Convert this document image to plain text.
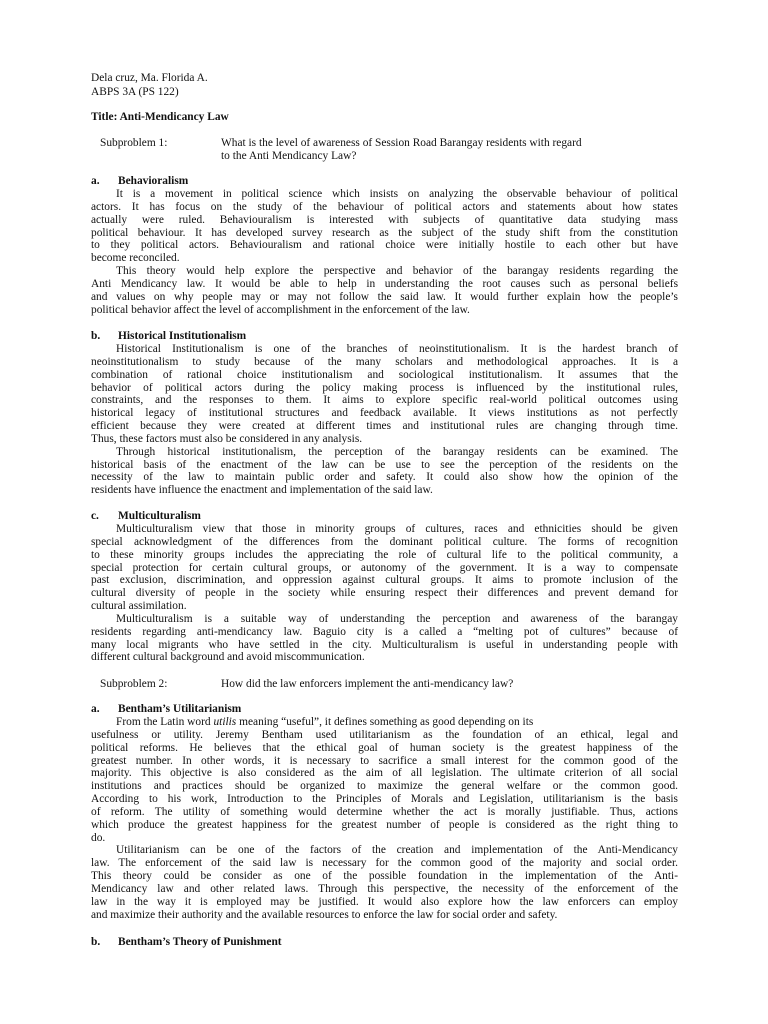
Dela cruz, Ma. Florida A.
ABPS 3A (PS 122)
Title: Anti-Mendicancy Law
Subproblem 1:	What is the level of awareness of Session Road Barangay residents with regard
to the Anti Mendicancy Law?
a. Behavioralism
It is a movement in political science which insists on analyzing the observable behaviour of political
actors. It has focus on the study of the behaviour of political actors and statements about how states
actually were ruled. Behaviouralism is interested with subjects of quantitative data studying mass
political behaviour. It has developed survey research as the subject of the study shift from the constitution
to they political actors. Behaviouralism and rational choice were initially hostile to each other but have
become reconciled.
This theory would help explore the perspective and behavior of the barangay residents regarding the
Anti Mendicancy law. It would be able to help in understanding the root causes such as personal beliefs
and values on why people may or may not follow the said law. It would further explain how the people’s
political behavior affect the level of accomplishment in the enforcement of the law.
b. Historical Institutionalism
Historical Institutionalism is one of the branches of neoinstitutionalism. It is the hardest branch of
neoinstitutionalism to study because of the many scholars and methodological approaches. It is a
combination of rational choice institutionalism and sociological institutionalism. It assumes that the
behavior of political actors during the policy making process is influenced by the institutional rules,
constraints, and the responses to them. It aims to explore specific real-world political outcomes using
historical legacy of institutional structures and feedback available. It views institutions as not perfectly
efficient because they were created at different times and institutional rules are changing through time.
Thus, these factors must also be considered in any analysis.
Through historical institutionalism, the perception of the barangay residents can be examined. The
historical basis of the enactment of the law can be use to see the perception of the residents on the
necessity of the law to maintain public order and safety. It could also show how the opinion of the
residents have influence the enactment and implementation of the said law.
c. Multiculturalism
Multiculturalism view that those in minority groups of cultures, races and ethnicities should be given
special acknowledgment of the differences from the dominant political culture. The forms of recognition
to these minority groups includes the appreciating the role of cultural life to the political community, a
special protection for certain cultural groups, or autonomy of the government. It is a way to compensate
past exclusion, discrimination, and oppression against cultural groups. It aims to promote inclusion of the
cultural diversity of people in the society while ensuring respect their differences and prevent demand for
cultural assimilation.
Multiculturalism is a suitable way of understanding the perception and awareness of the barangay
residents regarding anti-mendicancy law. Baguio city is a called a “melting pot of cultures” because of
many local migrants who have settled in the city. Multiculturalism is useful in understanding people with
different cultural background and avoid miscommunication.
Subproblem 2:	How did the law enforcers implement the anti-mendicancy law?
a. Bentham’s Utilitarianism
From the Latin word utilis meaning “useful”, it defines something as good depending on its
usefulness or utility. Jeremy Bentham used utilitarianism as the foundation of an ethical, legal and
political reforms. He believes that the ethical goal of human society is the greatest happiness of the
greatest number. In other words, it is necessary to sacrifice a small interest for the common good of the
majority. This objective is also considered as the aim of all legislation. The ultimate criterion of all social
institutions and practices should be organized to maximize the general welfare or the common good.
According to his work, Introduction to the Principles of Morals and Legislation, utilitarianism is the basis
of reform. The utility of something would determine whether the act is morally justifiable. Thus, actions
which produce the greatest happiness for the greatest number of people is considered as the right thing to
do.
Utilitarianism can be one of the factors of the creation and implementation of the Anti-Mendicancy
law. The enforcement of the said law is necessary for the common good of the majority and social order.
This theory could be consider as one of the possible foundation in the implementation of the Anti-
Mendicancy law and other related laws. Through this perspective, the necessity of the enforcement of the
law in the way it is employed may be justified. It would also explore how the law enforcers can employ
and maximize their authority and the available resources to enforce the law for social order and safety.
b. Bentham’s Theory of Punishment
